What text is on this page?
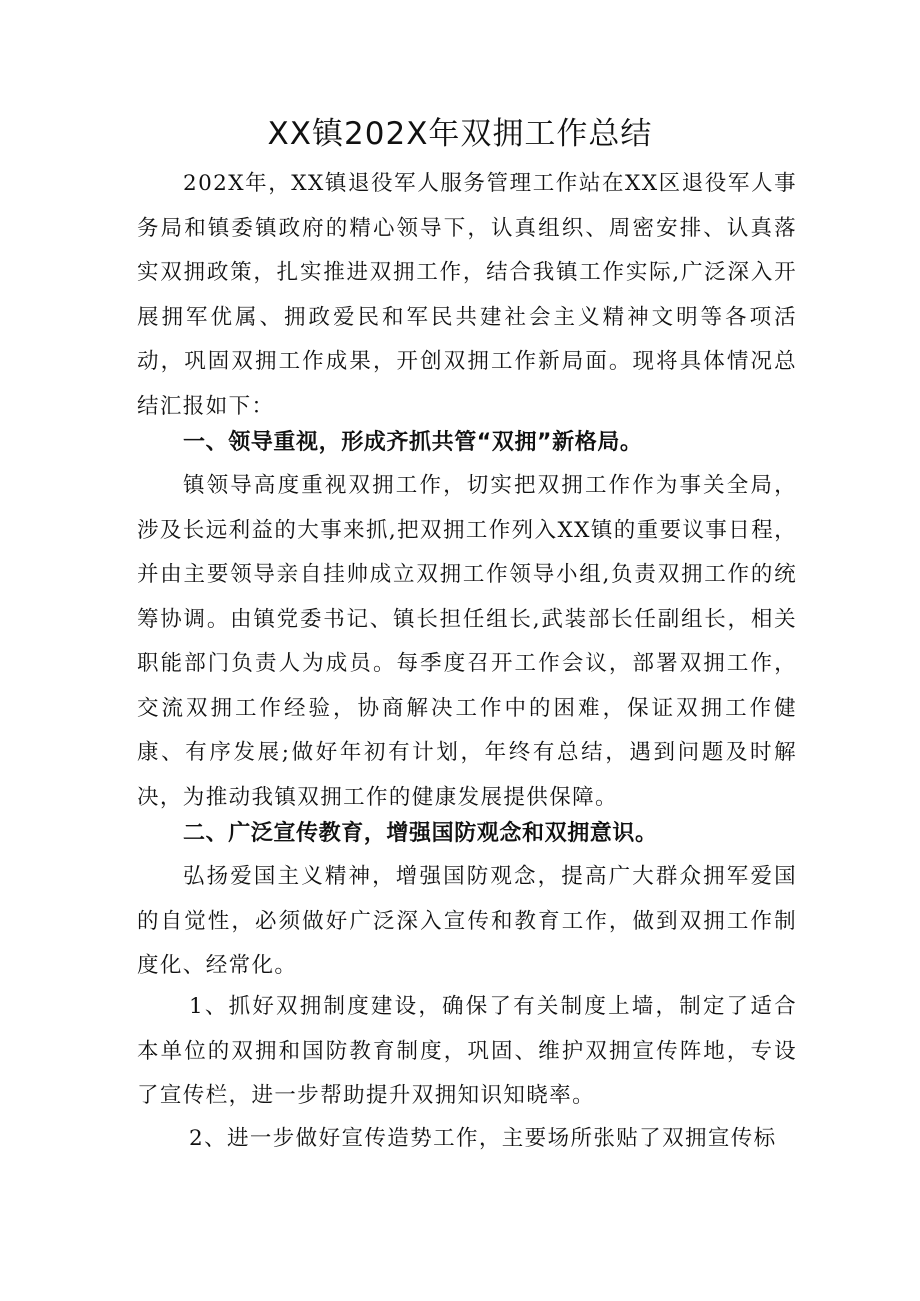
XX镇202X年双拥工作总结
202X年，XX镇退役军人服务管理工作站在XX区退役军人事务局和镇委镇政府的精心领导下，认真组织、周密安排、认真落实双拥政策，扎实推进双拥工作，结合我镇工作实际,广泛深入开展拥军优属、拥政爱民和军民共建社会主义精神文明等各项活动，巩固双拥工作成果，开创双拥工作新局面。现将具体情况总结汇报如下：
一、领导重视，形成齐抓共管“双拥”新格局。
镇领导高度重视双拥工作，切实把双拥工作作为事关全局，涉及长远利益的大事来抓,把双拥工作列入XX镇的重要议事日程，并由主要领导亲自挂帅成立双拥工作领导小组,负责双拥工作的统筹协调。由镇党委书记、镇长担任组长,武装部长任副组长，相关职能部门负责人为成员。每季度召开工作会议，部署双拥工作，交流双拥工作经验，协商解决工作中的困难，保证双拥工作健康、有序发展;做好年初有计划，年终有总结，遇到问题及时解决，为推动我镇双拥工作的健康发展提供保障。
二、广泛宣传教育，增强国防观念和双拥意识。
弘扬爱国主义精神，增强国防观念，提高广大群众拥军爱国的自觉性，必须做好广泛深入宣传和教育工作，做到双拥工作制度化、经常化。
1、抓好双拥制度建设，确保了有关制度上墙，制定了适合本单位的双拥和国防教育制度，巩固、维护双拥宣传阵地，专设了宣传栏，进一步帮助提升双拥知识知晓率。
2、进一步做好宣传造势工作，主要场所张贴了双拥宣传标
